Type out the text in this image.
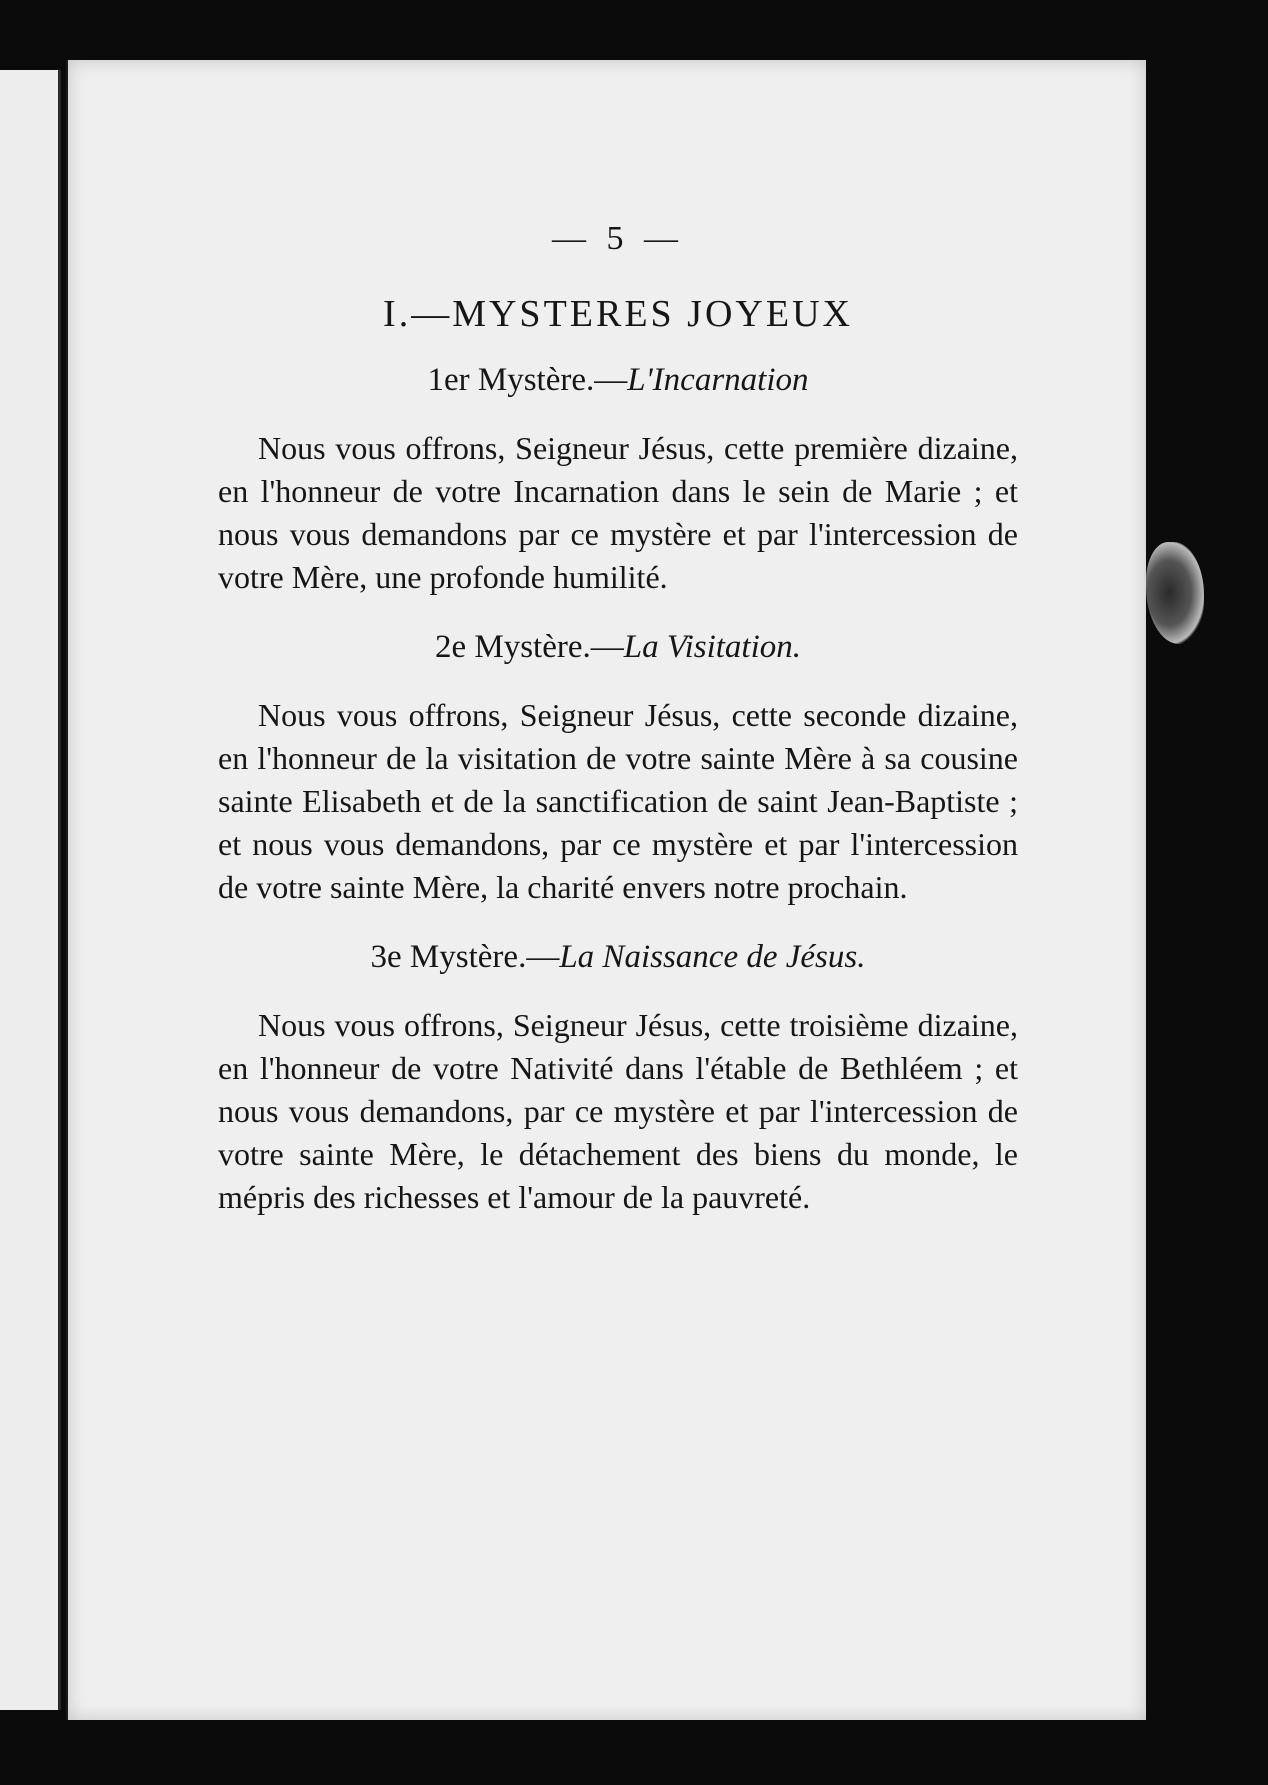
— 5 —
I.—MYSTERES JOYEUX
1er Mystère.—L'Incarnation

Nous vous offrons, Seigneur Jésus, cette première dizaine, en l'honneur de votre Incarnation dans le sein de Marie ; et nous vous demandons par ce mystère et par l'intercession de votre Mère, une profonde humilité.

2e Mystère.—La Visitation.

Nous vous offrons, Seigneur Jésus, cette seconde dizaine, en l'honneur de la visitation de votre sainte Mère à sa cousine sainte Elisabeth et de la sanctification de saint Jean-Baptiste ; et nous vous demandons, par ce mystère et par l'intercession de votre sainte Mère, la charité envers notre prochain.

3e Mystère.—La Naissance de Jésus.

Nous vous offrons, Seigneur Jésus, cette troisième dizaine, en l'honneur de votre Nativité dans l'étable de Bethléem ; et nous vous demandons, par ce mystère et par l'intercession de votre sainte Mère, le détachement des biens du monde, le mépris des richesses et l'amour de la pauvreté.
